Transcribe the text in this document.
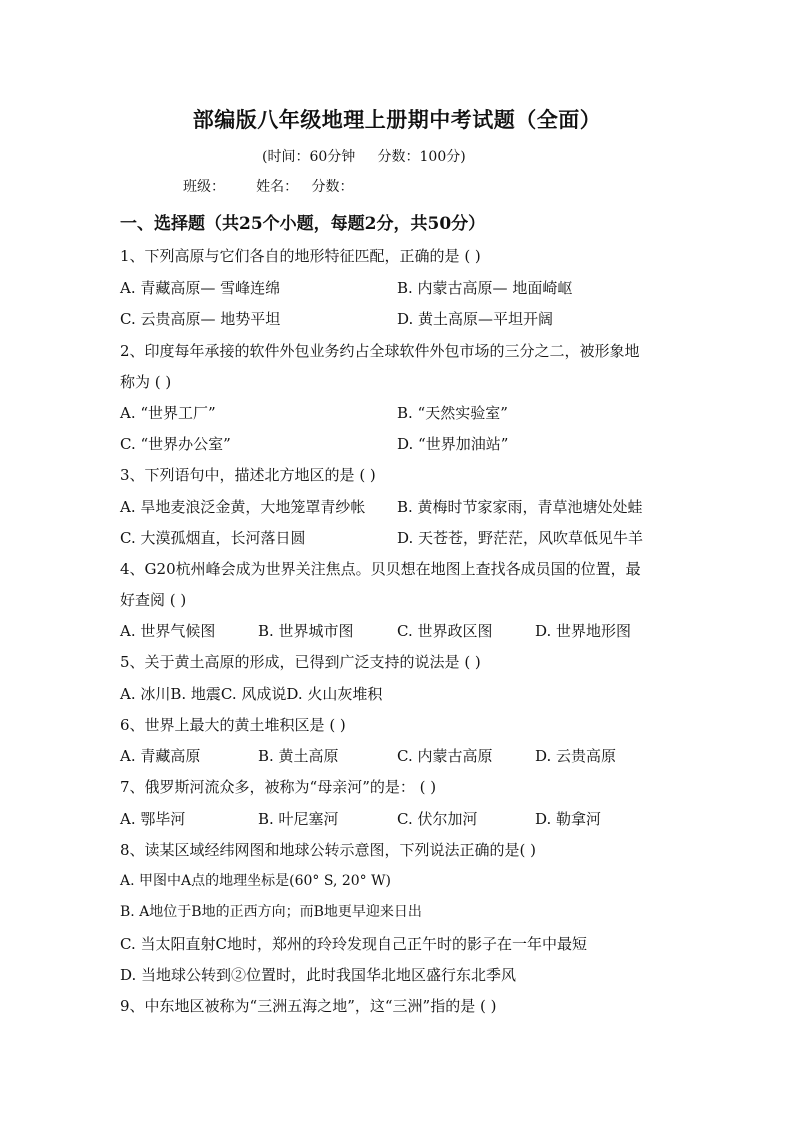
部编版八年级地理上册期中考试题（全面）
(时间：60分钟     分数：100分)
班级：       姓名：   分数：
一、选择题（共25个小题，每题2分，共50分）
1、下列高原与它们各自的地形特征匹配，正确的是 ( )
A. 青藏高原— 雪峰连绵	B. 内蒙古高原— 地面崎岖
C. 云贵高原— 地势平坦	D. 黄土高原—平坦开阔
2、印度每年承接的软件外包业务约占全球软件外包市场的三分之二，被形象地
称为 ( )
A. “世界工厂”	B. “天然实验室”
C. “世界办公室”	D. “世界加油站”
3、下列语句中，描述北方地区的是 ( )
A. 旱地麦浪泛金黄，大地笼罩青纱帐 B. 黄梅时节家家雨，青草池塘处处蛙
C. 大漠孤烟直，长河落日圆	D. 天苍苍，野茫茫，风吹草低见牛羊
4、G20杭州峰会成为世界关注焦点。贝贝想在地图上查找各成员国的位置，最
好查阅 ( )
A. 世界气候图	B. 世界城市图	C. 世界政区图	D. 世界地形图
5、关于黄土高原的形成，已得到广泛支持的说法是 ( )
A. 冰川B. 地震C. 风成说D. 火山灰堆积
6、世界上最大的黄土堆积区是 ( )
A. 青藏高原	B. 黄土高原	C. 内蒙古高原	D. 云贵高原
7、俄罗斯河流众多，被称为“母亲河”的是： ( )
A. 鄂毕河	B. 叶尼塞河	C. 伏尔加河	D. 勒拿河
8、读某区域经纬网图和地球公转示意图，下列说法正确的是( )
A. 甲图中A点的地理坐标是(60° S, 20° W)
B. A地位于B地的正西方向；而B地更早迎来日出
C. 当太阳直射C地时，郑州的玲玲发现自己正午时的影子在一年中最短
D. 当地球公转到②位置时，此时我国华北地区盛行东北季风
9、中东地区被称为“三洲五海之地”，这“三洲”指的是 ( )
